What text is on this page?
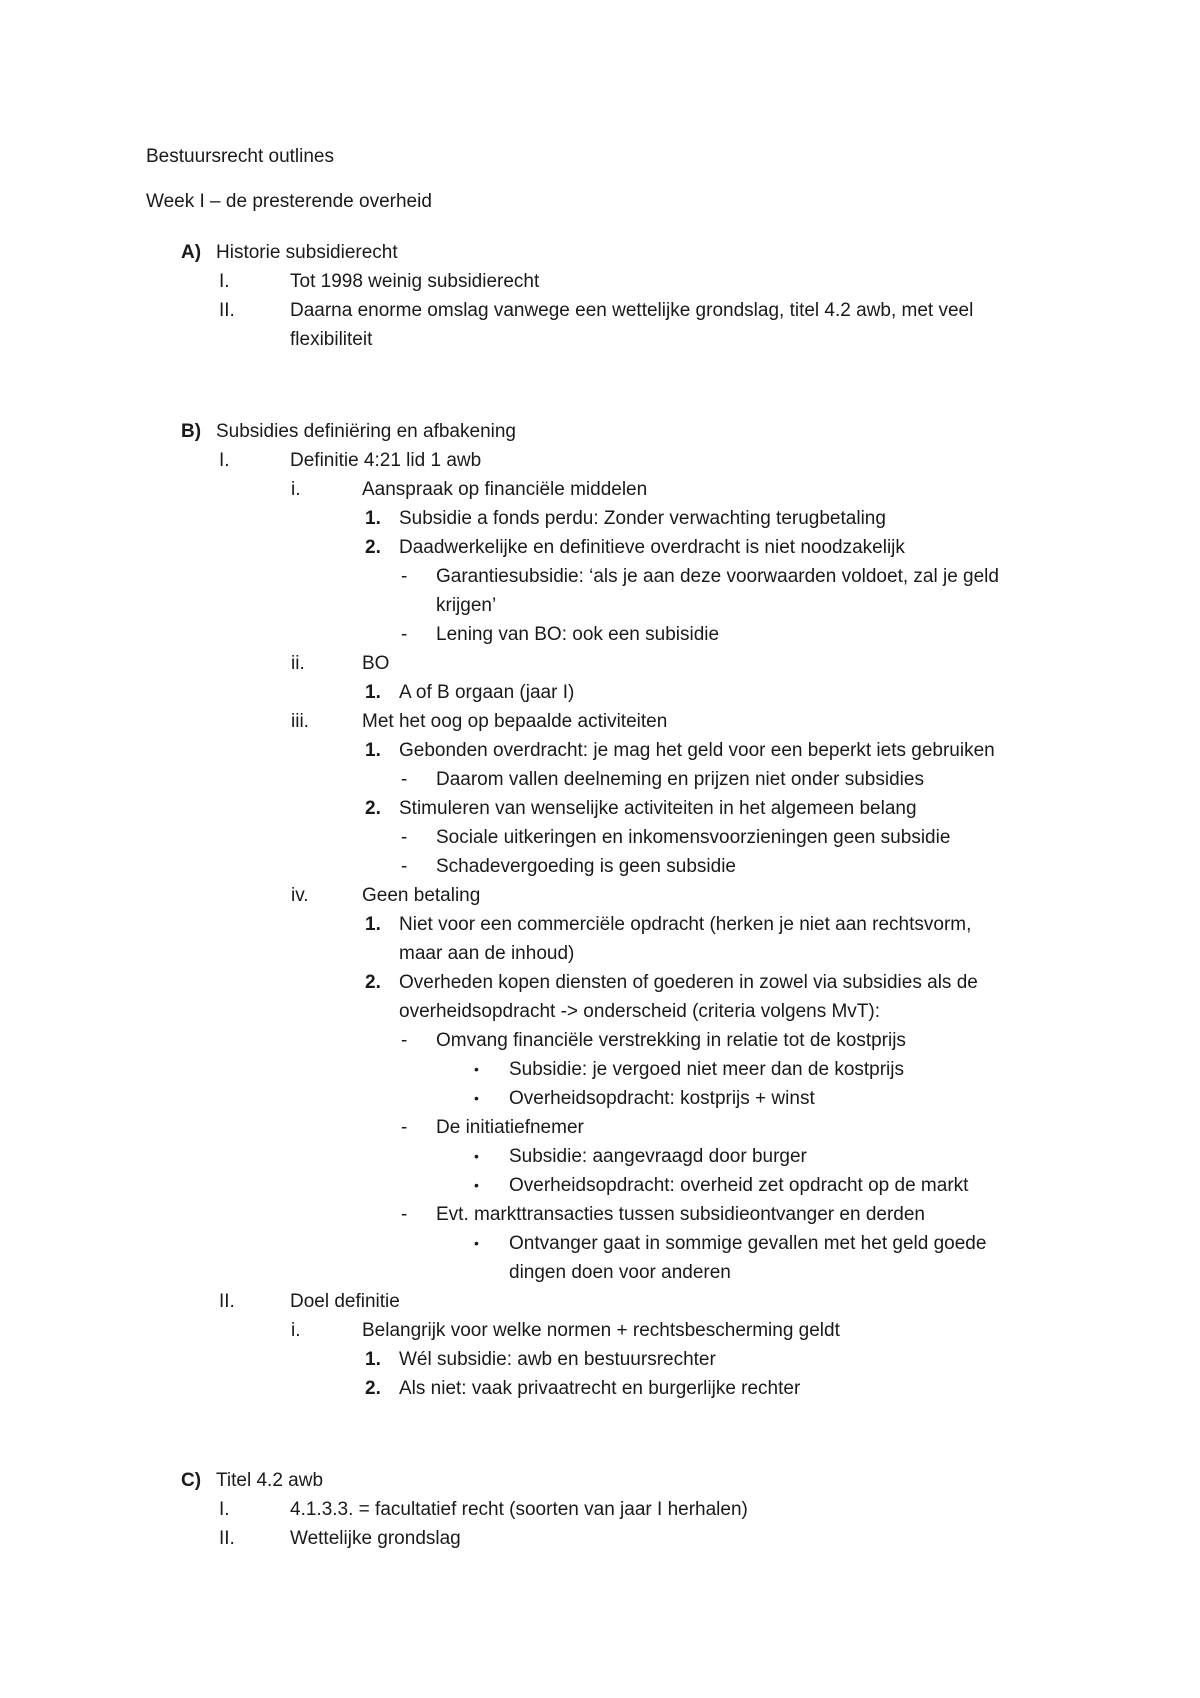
Bestuursrecht outlines
Week I – de presterende overheid
A) Historie subsidierecht
I.	Tot 1998 weinig subsidierecht
II.	Daarna enorme omslag vanwege een wettelijke grondslag, titel 4.2 awb, met veel
flexibiliteit
B) Subsidies definiëring en afbakening
I.	Definitie 4:21 lid 1 awb
i.	Aanspraak op financiële middelen
1. Subsidie a fonds perdu: Zonder verwachting terugbetaling
2. Daadwerkelijke en definitieve overdracht is niet noodzakelijk
- Garantiesubsidie: ‘als je aan deze voorwaarden voldoet, zal je geld
krijgen’
- Lening van BO: ook een subisidie
ii.	BO
1. A of B orgaan (jaar I)
iii.	Met het oog op bepaalde activiteiten
1. Gebonden overdracht: je mag het geld voor een beperkt iets gebruiken
- Daarom vallen deelneming en prijzen niet onder subsidies
2. Stimuleren van wenselijke activiteiten in het algemeen belang
- Sociale uitkeringen en inkomensvoorzieningen geen subsidie
- Schadevergoeding is geen subsidie
iv.	Geen betaling
1. Niet voor een commerciële opdracht (herken je niet aan rechtsvorm,
maar aan de inhoud)
2. Overheden kopen diensten of goederen in zowel via subsidies als de
overheidsopdracht -> onderscheid (criteria volgens MvT):
- Omvang financiële verstrekking in relatie tot de kostprijs
• Subsidie: je vergoed niet meer dan de kostprijs
• Overheidsopdracht: kostprijs + winst
- De initiatiefnemer
• Subsidie: aangevraagd door burger
• Overheidsopdracht: overheid zet opdracht op de markt
- Evt. markttransacties tussen subsidieontvanger en derden
• Ontvanger gaat in sommige gevallen met het geld goede
dingen doen voor anderen
II.	Doel definitie
i.	Belangrijk voor welke normen + rechtsbescherming geldt
1. Wél subsidie: awb en bestuursrechter
2. Als niet: vaak privaatrecht en burgerlijke rechter
C) Titel 4.2 awb
I.	4.1.3.3. = facultatief recht (soorten van jaar I herhalen)
II.	Wettelijke grondslag
